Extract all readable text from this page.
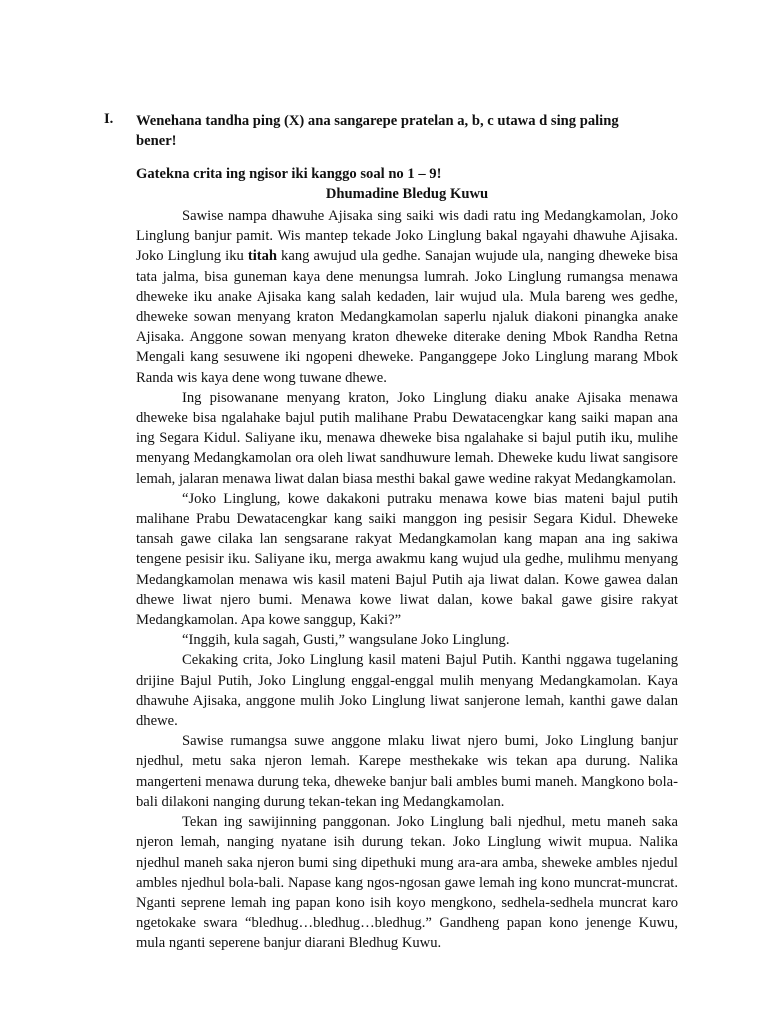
I. Wenehana tandha ping (X) ana sangarepe pratelan a, b, c utawa d sing paling bener!
Gatekna crita ing ngisor iki kanggo soal no 1 – 9!
Dhumadine Bledug Kuwu

Sawise nampa dhawuhe Ajisaka sing saiki wis dadi ratu ing Medangkamolan, Joko Linglung banjur pamit. Wis mantep tekade Joko Linglung bakal ngayahi dhawuhe Ajisaka. Joko Linglung iku titah kang awujud ula gedhe. Sanajan wujude ula, nanging dheweke bisa tata jalma, bisa guneman kaya dene menungsa lumrah. Joko Linglung rumangsa menawa dheweke iku anake Ajisaka kang salah kedaden, lair wujud ula. Mula bareng wes gedhe, dheweke sowan menyang kraton Medangkamolan saperlu njaluk diakoni pinangka anake Ajisaka. Anggone sowan menyang kraton dheweke diterake dening Mbok Randha Retna Mengali kang sesuwene iki ngopeni dheweke. Panganggepe Joko Linglung marang Mbok Randa wis kaya dene wong tuwane dhewe.

Ing pisowanane menyang kraton, Joko Linglung diaku anake Ajisaka menawa dheweke bisa ngalahake bajul putih malihane Prabu Dewatacengkar kang saiki mapan ana ing Segara Kidul. Saliyane iku, menawa dheweke bisa ngalahake si bajul putih iku, mulihe menyang Medangkamolan ora oleh liwat sandhuwure lemah. Dheweke kudu liwat sangisore lemah, jalaran menawa liwat dalan biasa mesthi bakal gawe wedine rakyat Medangkamolan.

“Joko Linglung, kowe dakakoni putraku menawa kowe bias mateni bajul putih malihane Prabu Dewatacengkar kang saiki manggon ing pesisir Segara Kidul. Dheweke tansah gawe cilaka lan sengsarane rakyat Medangkamolan kang mapan ana ing sakiwa tengene pesisir iku. Saliyane iku, merga awakmu kang wujud ula gedhe, mulihmu menyang Medangkamolan menawa wis kasil mateni Bajul Putih aja liwat dalan. Kowe gawea dalan dhewe liwat njero bumi. Menawa kowe liwat dalan, kowe bakal gawe gisire rakyat Medangkamolan. Apa kowe sanggup, Kaki?”

“Inggih, kula sagah, Gusti,” wangsulane Joko Linglung.

Cekaking crita, Joko Linglung kasil mateni Bajul Putih. Kanthi nggawa tugelaning drijine Bajul Putih, Joko Linglung enggal-enggal mulih menyang Medangkamolan. Kaya dhawuhe Ajisaka, anggone mulih Joko Linglung liwat sanjerone lemah, kanthi gawe dalan dhewe.

Sawise rumangsa suwe anggone mlaku liwat njero bumi, Joko Linglung banjur njedhul, metu saka njeron lemah. Karepe mesthekake wis tekan apa durung. Nalika mangerteni menawa durung teka, dheweke banjur bali ambles bumi maneh. Mangkono bola-bali dilakoni nanging durung tekan-tekan ing Medangkamolan.

Tekan ing sawijinning panggonan. Joko Linglung bali njedhul, metu maneh saka njeron lemah, nanging nyatane isih durung tekan. Joko Linglung wiwit mupua. Nalika njedhul maneh saka njeron bumi sing dipethuki mung ara-ara amba, sheweke ambles njedul ambles njedhul bola-bali. Napase kang ngos-ngosan gawe lemah ing kono muncrat-muncrat. Nganti seprene lemah ing papan kono isih koyo mengkono, sedhela-sedhela muncrat karo ngetokake swara “bledhug…bledhug…bledhug.” Gandheng papan kono jenenge Kuwu, mula nganti seperene banjur diarani Bledhug Kuwu.
